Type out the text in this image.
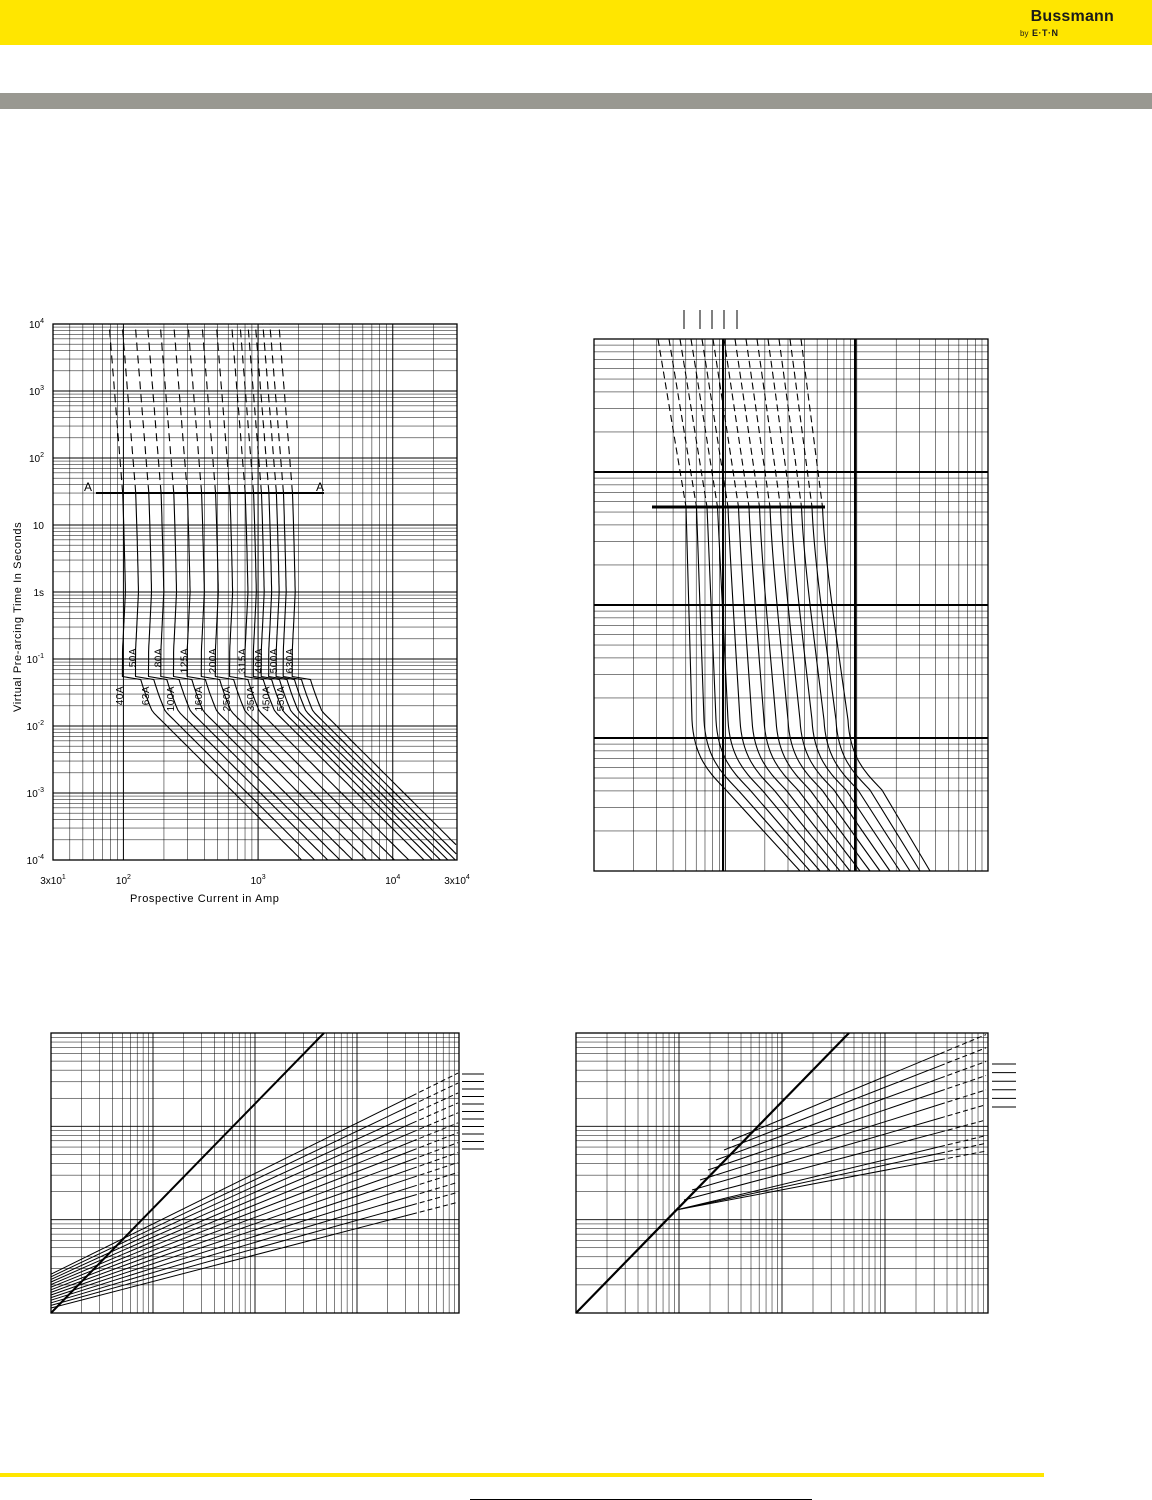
Bussmann
by E·T·N
$10^4$
$10^3$
$10^2$
10
1s
$10^{-1}$
$10^{-2}$
$10^{-3}$
$10^{-4}$
$3x10^1$	$10^2$	$10^3$	$10^4$	$3x10^4$
Prospective Current in Amp
Virtual Pre-arcing Time In Seconds
A	A
40A
50A
63A
80A
100A
125A
160A
200A
250A
315A
350A
400A
450A
500A
550A
630A
